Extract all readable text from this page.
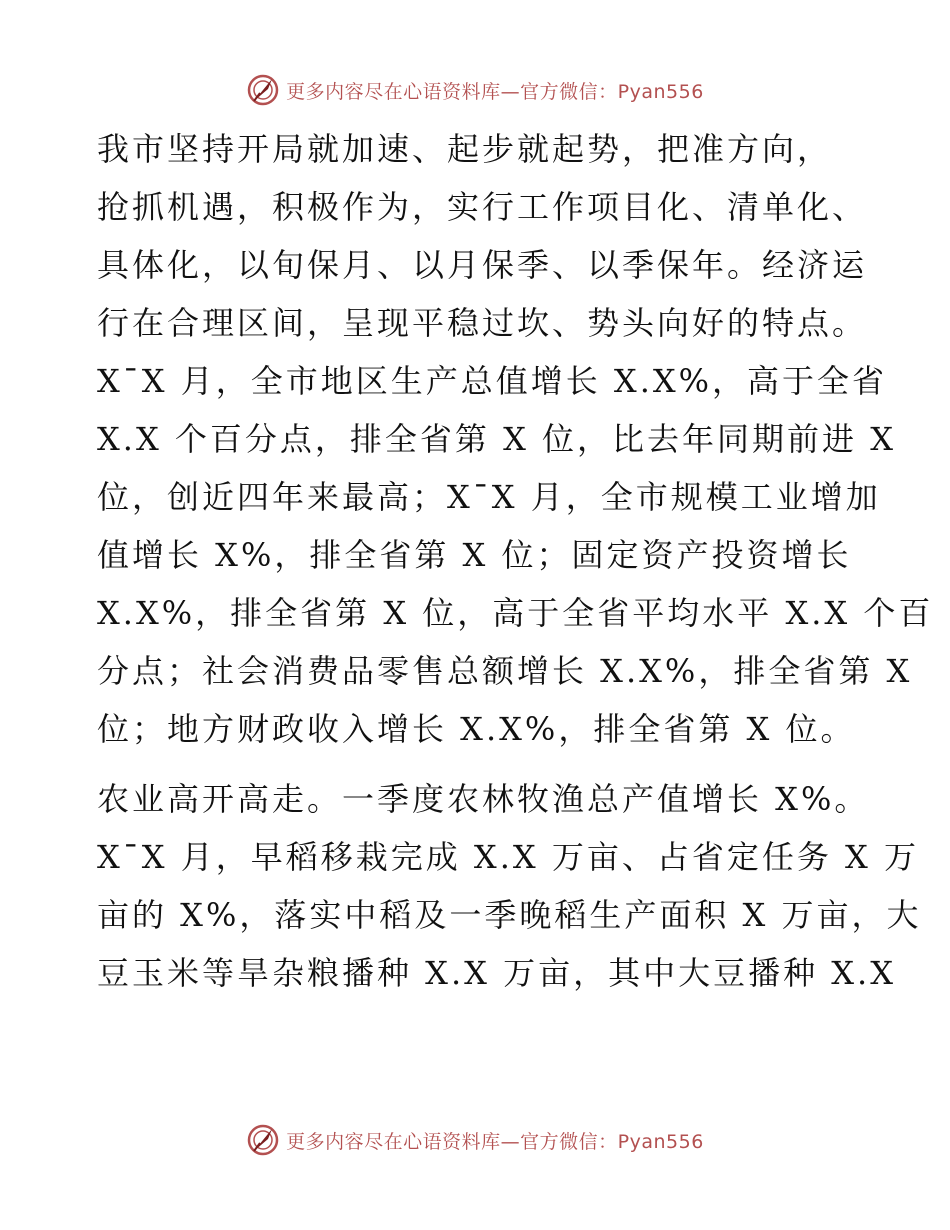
更多内容尽在心语资料库—官方微信：Pyan556

我市坚持开局就加速、起步就起势，把准方向，
抢抓机遇，积极作为，实行工作项目化、清单化、
具体化，以旬保月、以月保季、以季保年。经济运
行在合理区间，呈现平稳过坎、势头向好的特点。
X¯X 月，全市地区生产总值增长 X.X%，高于全省
X.X 个百分点，排全省第 X 位，比去年同期前进 X
位，创近四年来最高；X¯X 月，全市规模工业增加
值增长 X%，排全省第 X 位；固定资产投资增长
X.X%，排全省第 X 位，高于全省平均水平 X.X 个百
分点；社会消费品零售总额增长 X.X%，排全省第 X
位；地方财政收入增长 X.X%，排全省第 X 位。

农业高开高走。一季度农林牧渔总产值增长 X%。
X¯X 月，早稻移栽完成 X.X 万亩、占省定任务 X 万
亩的 X%，落实中稻及一季晚稻生产面积 X 万亩，大
豆玉米等旱杂粮播种 X.X 万亩，其中大豆播种 X.X

更多内容尽在心语资料库—官方微信：Pyan556
